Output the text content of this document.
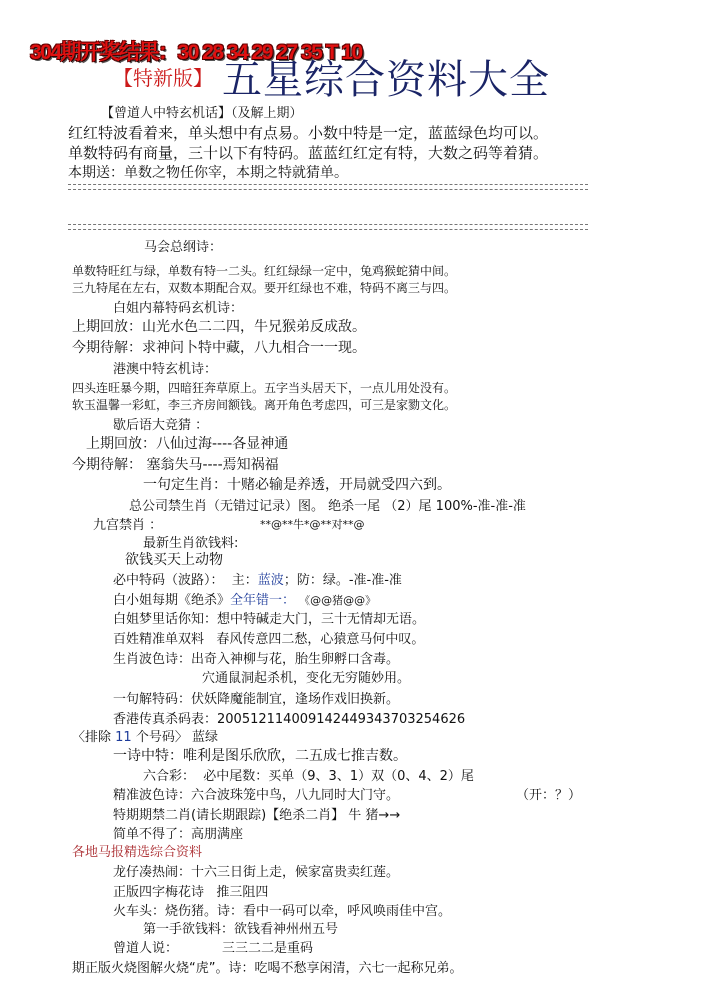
304期开奖结果：30 28 34 29 27 35 T 10
【特新版】 五星综合资料大全
【曾道人中特玄机话】（及解上期）
红红特波看着来，单头想中有点易。小数中特是一定，蓝蓝绿色均可以。
单数特码有商量，三十以下有特码。蓝蓝红红定有特，大数之码等着猜。
本期送：单数之物任你宰，本期之特就猜单。
马会总纲诗：
单数特旺红与绿，单数有特一二头。红红绿绿一定中，兔鸡猴蛇猜中间。
三九特尾在左右，双数本期配合双。要开红绿也不难，特码不离三与四。
白姐内幕特码玄机诗：
上期回放：山光水色二二四，牛兄猴弟反成敌。
今期待解：求神问卜特中藏，八九相合一一现。
港澳中特玄机诗：
四头连旺暴今期，四暗狂奔草原上。五字当头居天下，一点儿用处没有。
软玉温馨一彩虹，李三齐房间额钱。离开角色考虑四，可三是家勠文化。
歇后语大竞猜 ：
上期回放：八仙过海----各显神通
今期待解： 塞翁失马----焉知祸福
一句定生肖：十赌必输是养透，开局就受四六到。
总公司禁生肖（无错过记录）图。 绝杀一尾 （2）尾 100%-准-准-准
九宫禁肖 ：	**@**牛*@**对**@
最新生肖欲钱料:
欲钱买天上动物
必中特码（波路）： 主：蓝波；防：绿。-准-准-准
白小姐每期《绝杀》全年错一： 《@@猪@@》
白姐梦里话你知：想中特碱走大门，三十无情却无语。
百姓精准单双料 春风传意四二愁，心猿意马何中叹。
生肖波色诗：出奇入神柳与花，胎生卵孵口含毒。
穴通鼠洞起杀机，变化无穷随妙用。
一句解特码：伏妖降魔能制宜，逢场作戏旧换新。
香港传真杀码表：2005121140091424493437032546​26
〈排除 11 个号码〉 蓝绿
一诗中特：唯利是图乐欣欣，二五成七推吉数。
六合彩： 必中尾数：买单（9、3、1）双（0、4、2）尾
精准波色诗：六合波珠笼中鸟，八九同时大门守。	（开：？）
特期期禁二肖(请长期跟踪)【绝杀二肖】 牛 猪→→
简单不得了：高朋满座
各地马报精选综合资料
龙仔凑热闹：十六三日街上走，候家富贵卖红莲。
正版四字梅花诗 推三阻四
火车头：烧伤猪。诗：看中一码可以牵，呼风唤雨佳中宫。
第一手欲钱料：欲钱看神州州五号
曾道人说：	三三二二是重码
期正版火烧图解火烧“虎”。诗：吃喝不愁享闲清，六七一起称兄弟。
